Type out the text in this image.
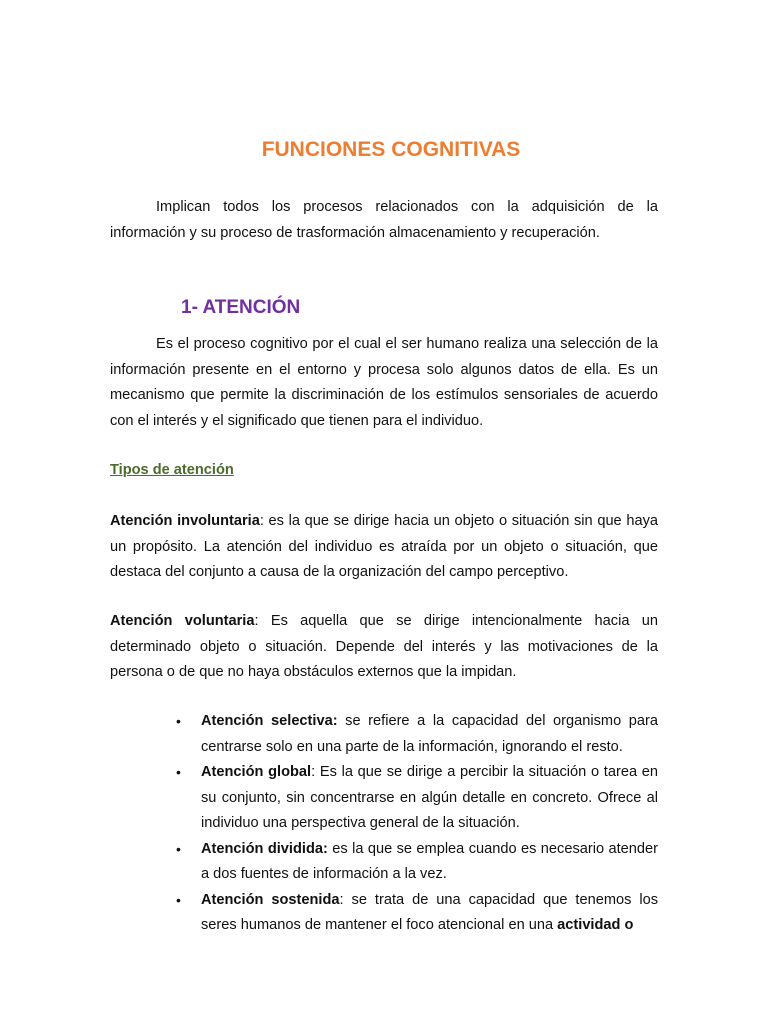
FUNCIONES COGNITIVAS

Implican todos los procesos relacionados con la adquisición de la información y su proceso de trasformación almacenamiento y recuperación.

1- ATENCIÓN

Es el proceso cognitivo por el cual el ser humano realiza una selección de la información presente en el entorno y procesa solo algunos datos de ella. Es un mecanismo que permite la discriminación de los estímulos sensoriales de acuerdo con el interés y el significado que tienen para el individuo.

Tipos de atención

Atención involuntaria: es la que se dirige hacia un objeto o situación sin que haya un propósito. La atención del individuo es atraída por un objeto o situación, que destaca del conjunto a causa de la organización del campo perceptivo.

Atención voluntaria: Es aquella que se dirige intencionalmente hacia un determinado objeto o situación. Depende del interés y las motivaciones de la persona o de que no haya obstáculos externos que la impidan.

• Atención selectiva: se refiere a la capacidad del organismo para centrarse solo en una parte de la información, ignorando el resto.
• Atención global: Es la que se dirige a percibir la situación o tarea en su conjunto, sin concentrarse en algún detalle en concreto. Ofrece al individuo una perspectiva general de la situación.
• Atención dividida: es la que se emplea cuando es necesario atender a dos fuentes de información a la vez.
• Atención sostenida: se trata de una capacidad que tenemos los seres humanos de mantener el foco atencional en una actividad o
